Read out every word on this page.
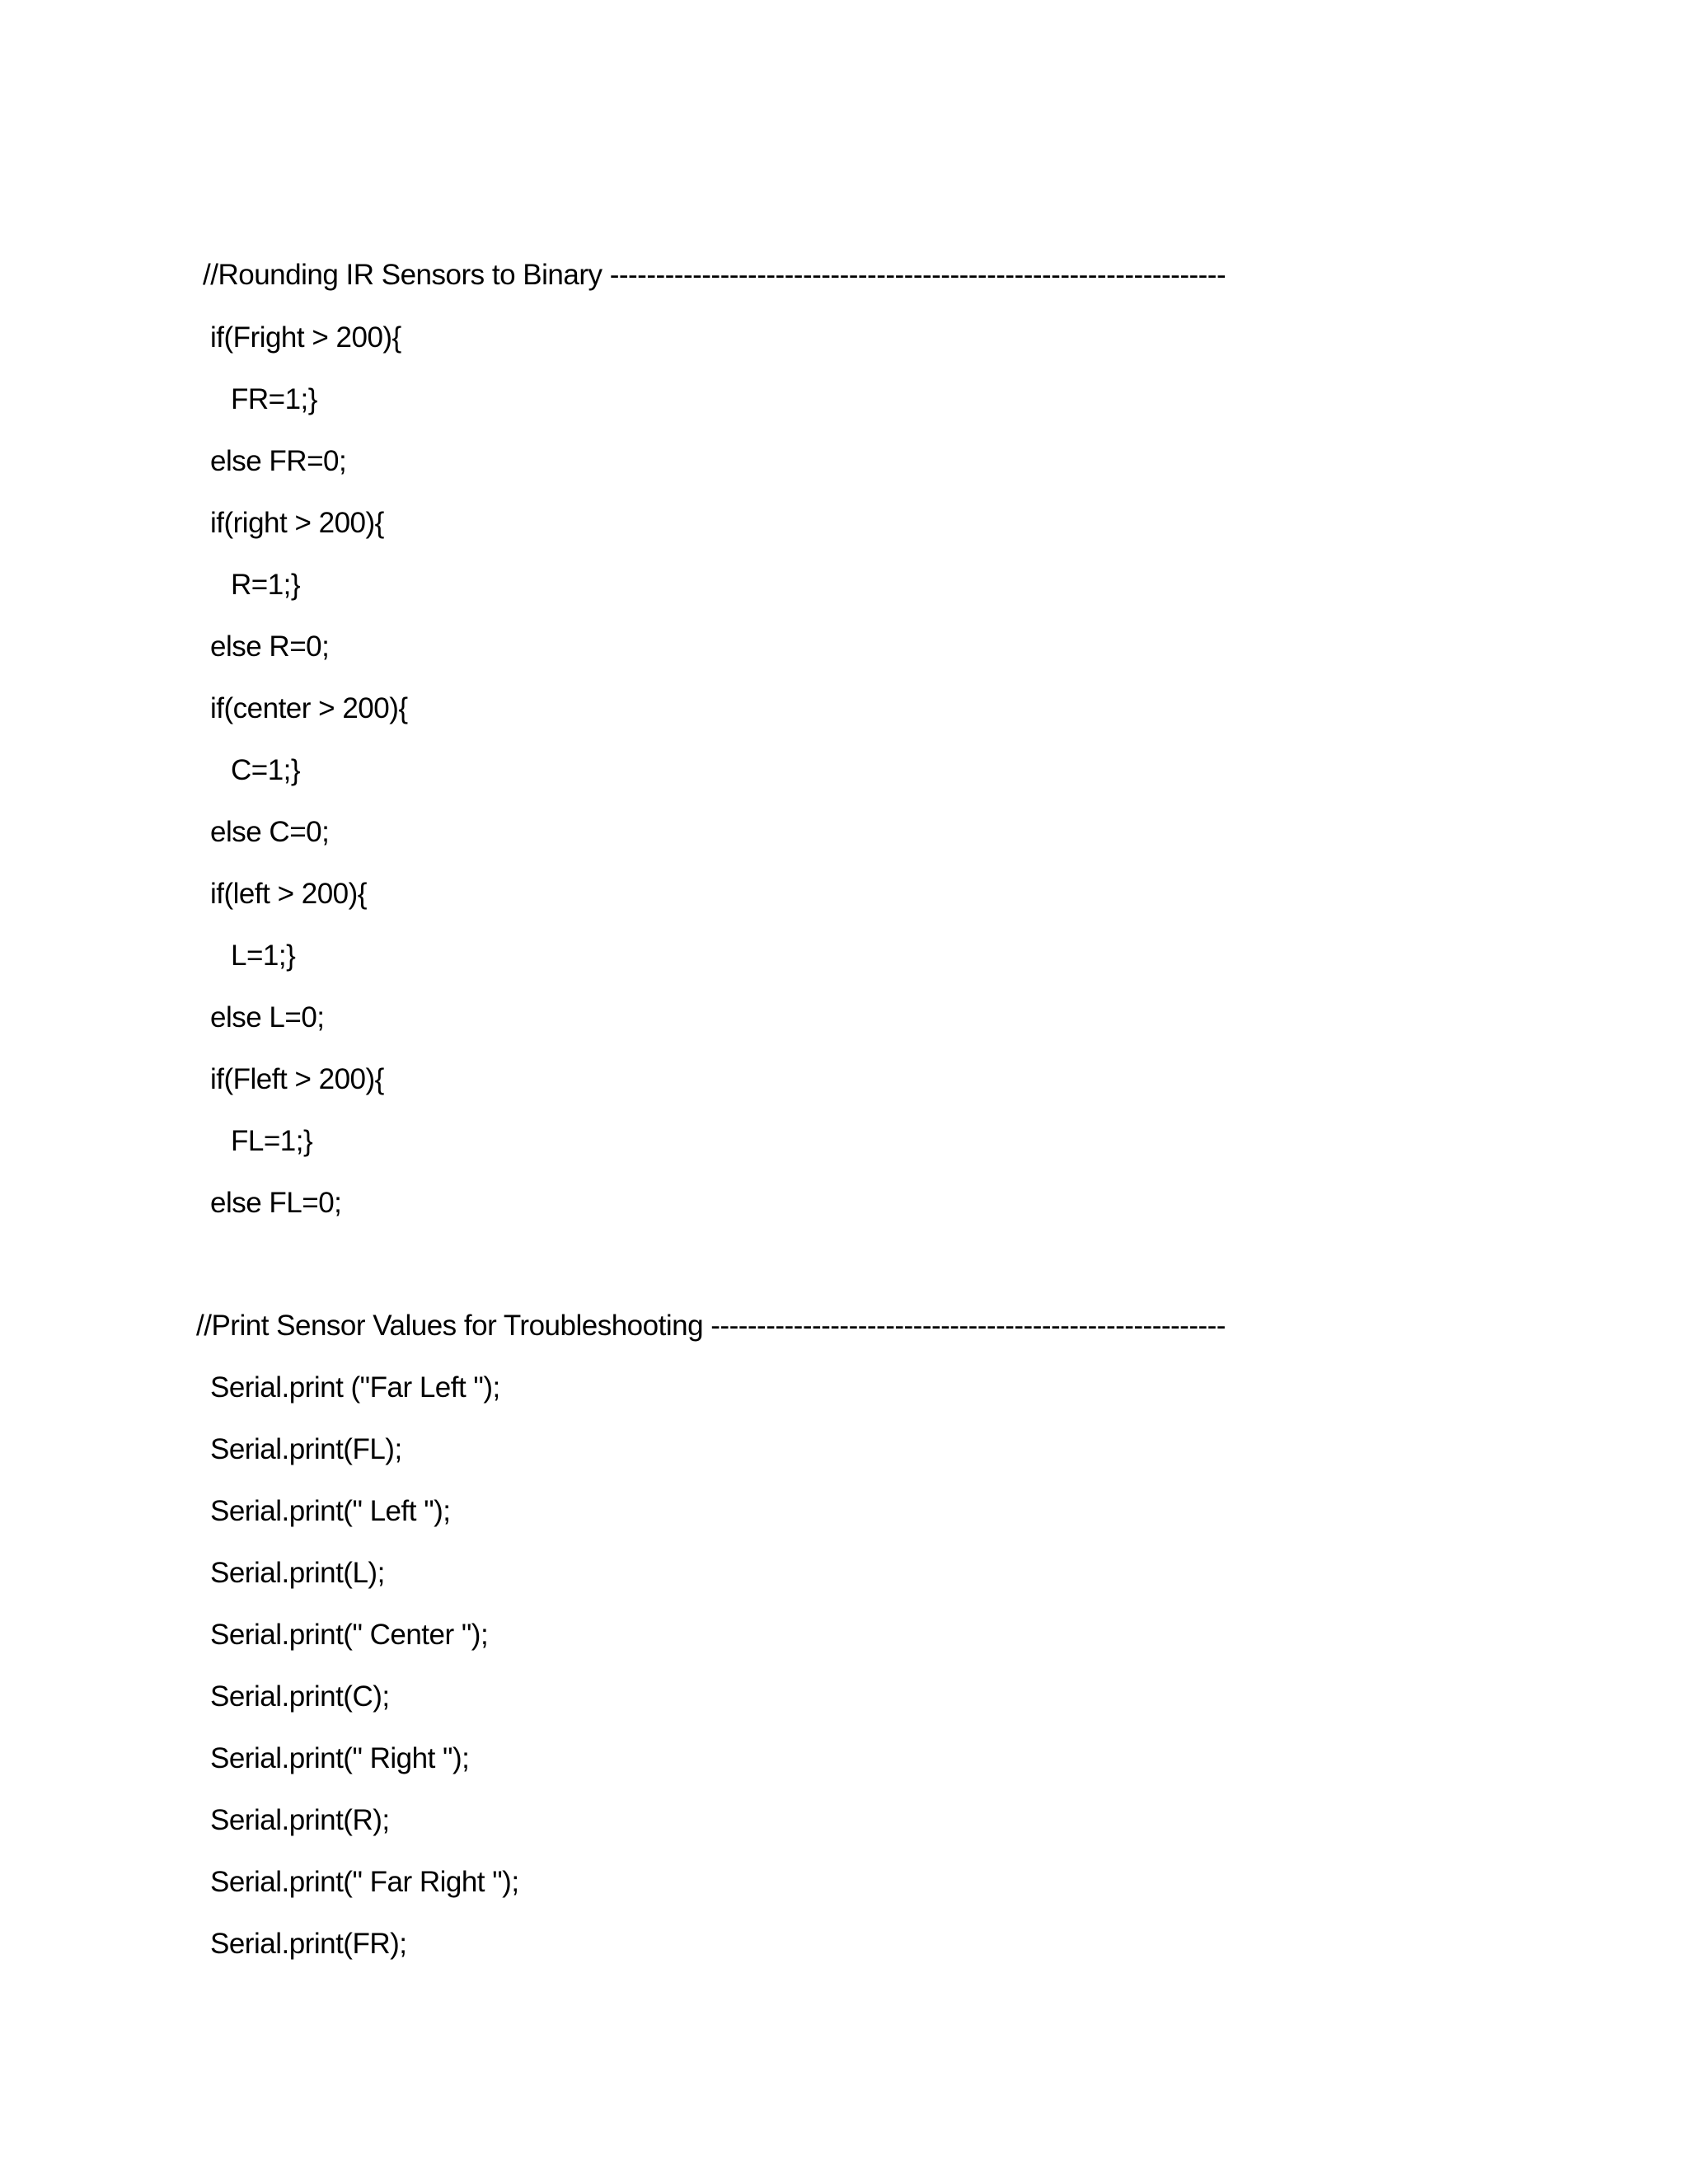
//Rounding IR Sensors to Binary -------------------------------------------------------------------
if(Fright > 200){
FR=1;}
else FR=0;
if(right > 200){
R=1;}
else R=0;
if(center > 200){
C=1;}
else C=0;
if(left > 200){
L=1;}
else L=0;
if(Fleft > 200){
FL=1;}
else FL=0;
//Print Sensor Values for Troubleshooting --------------------------------------------------------
Serial.print ("Far Left ");
Serial.print(FL);
Serial.print(" Left ");
Serial.print(L);
Serial.print(" Center ");
Serial.print(C);
Serial.print(" Right ");
Serial.print(R);
Serial.print(" Far Right ");
Serial.print(FR);
